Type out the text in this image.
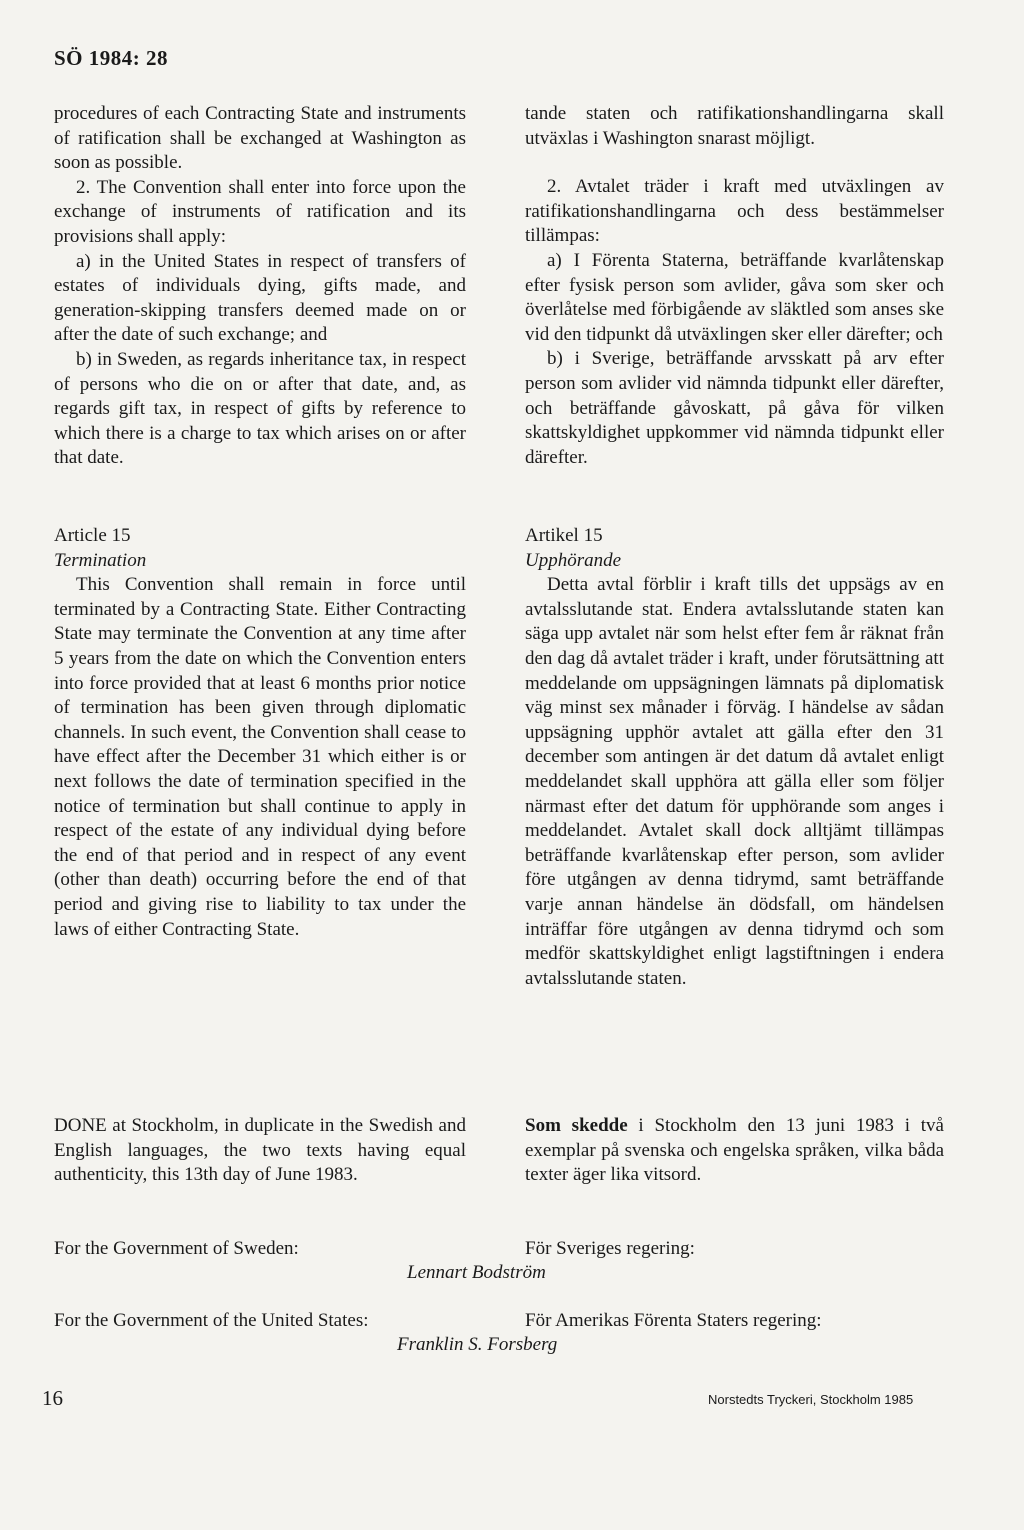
SÖ 1984: 28

procedures of each Contracting State and instruments of ratification shall be exchanged at Washington as soon as possible.

2. The Convention shall enter into force upon the exchange of instruments of ratification and its provisions shall apply:

a) in the United States in respect of transfers of estates of individuals dying, gifts made, and generation-skipping transfers deemed made on or after the date of such exchange; and

b) in Sweden, as regards inheritance tax, in respect of persons who die on or after that date, and, as regards gift tax, in respect of gifts by reference to which there is a charge to tax which arises on or after that date.

tande staten och ratifikationshandlingarna skall utväxlas i Washington snarast möjligt.

2. Avtalet träder i kraft med utväxlingen av ratifikationshandlingarna och dess bestämmelser tillämpas:

a) I Förenta Staterna, beträffande kvarlåtenskap efter fysisk person som avlider, gåva som sker och överlåtelse med förbigående av släktled som anses ske vid den tidpunkt då utväxlingen sker eller därefter; och

b) i Sverige, beträffande arvsskatt på arv efter person som avlider vid nämnda tidpunkt eller därefter, och beträffande gåvoskatt, på gåva för vilken skattskyldighet uppkommer vid nämnda tidpunkt eller därefter.

Article 15

Termination

This Convention shall remain in force until terminated by a Contracting State. Either Contracting State may terminate the Convention at any time after 5 years from the date on which the Convention enters into force provided that at least 6 months prior notice of termination has been given through diplomatic channels. In such event, the Convention shall cease to have effect after the December 31 which either is or next follows the date of termination specified in the notice of termination but shall continue to apply in respect of the estate of any individual dying before the end of that period and in respect of any event (other than death) occurring before the end of that period and giving rise to liability to tax under the laws of either Contracting State.

Artikel 15

Upphörande

Detta avtal förblir i kraft tills det uppsägs av en avtalsslutande stat. Endera avtalsslutande staten kan säga upp avtalet när som helst efter fem år räknat från den dag då avtalet träder i kraft, under förutsättning att meddelande om uppsägningen lämnats på diplomatisk väg minst sex månader i förväg. I händelse av sådan uppsägning upphör avtalet att gälla efter den 31 december som antingen är det datum då avtalet enligt meddelandet skall upphöra att gälla eller som följer närmast efter det datum för upphörande som anges i meddelandet. Avtalet skall dock alltjämt tillämpas beträffande kvarlåtenskap efter person, som avlider före utgången av denna tidrymd, samt beträffande varje annan händelse än dödsfall, om händelsen inträffar före utgången av denna tidrymd och som medför skattskyldighet enligt lagstiftningen i endera avtalsslutande staten.

DONE at Stockholm, in duplicate in the Swedish and English languages, the two texts having equal authenticity, this 13th day of June 1983.

Som skedde i Stockholm den 13 juni 1983 i två exemplar på svenska och engelska språken, vilka båda texter äger lika vitsord.

For the Government of Sweden:	För Sveriges regering:
Lennart Bodström
For the Government of the United States:	För Amerikas Förenta Staters regering:
Franklin S. Forsberg
16	Norstedts Tryckeri, Stockholm 1985
